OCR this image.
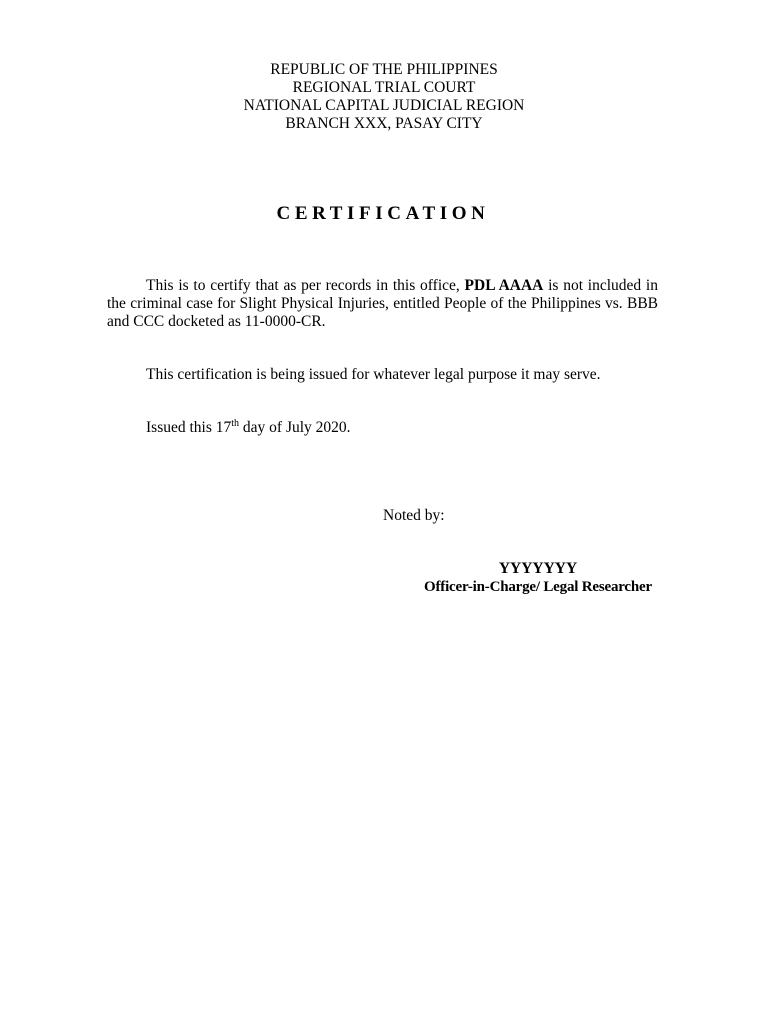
REPUBLIC OF THE PHILIPPINES
REGIONAL TRIAL COURT
NATIONAL CAPITAL JUDICIAL REGION
BRANCH XXX, PASAY CITY
CERTIFICATION
This is to certify that as per records in this office, PDL AAAA is not included in the criminal case for Slight Physical Injuries, entitled People of the Philippines vs. BBB and CCC docketed as 11-0000-CR.
This certification is being issued for whatever legal purpose it may serve.
Issued this 17th day of July 2020.
Noted by:
YYYYYYY
Officer-in-Charge/ Legal Researcher
